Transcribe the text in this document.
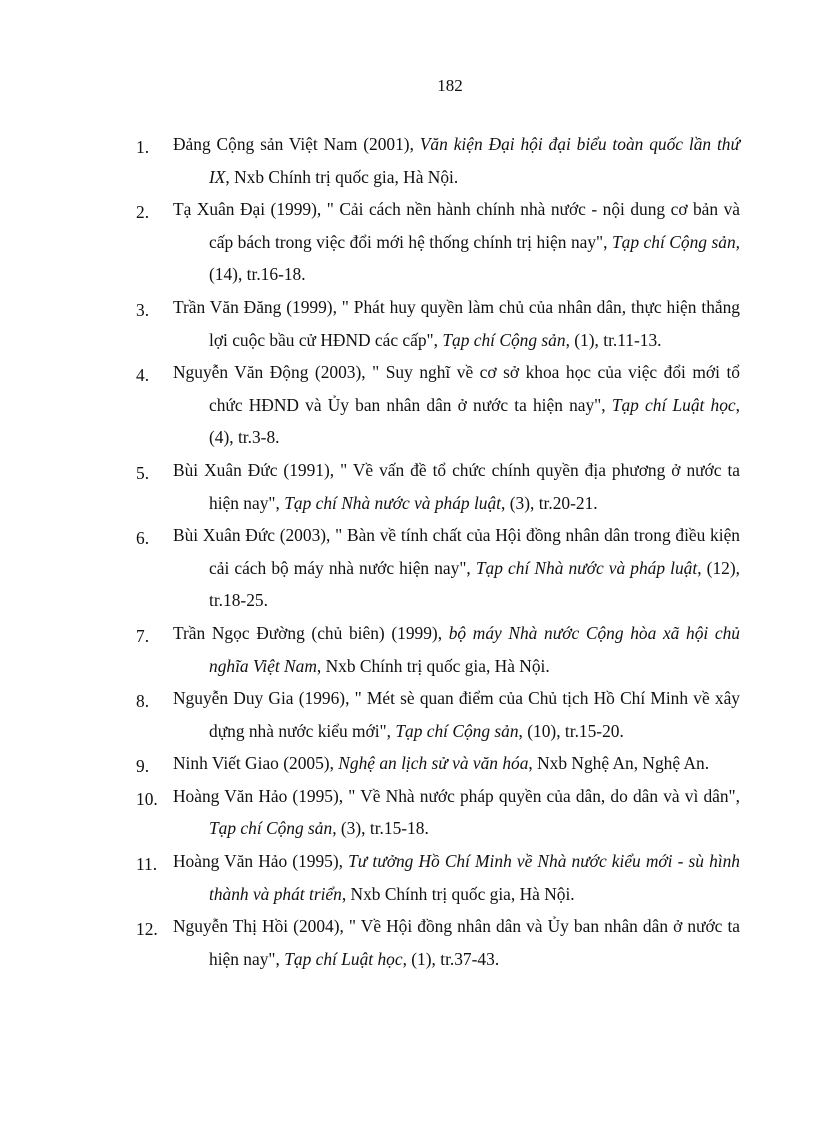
182
1. Đảng Cộng sản Việt Nam (2001), Văn kiện Đại hội đại biểu toàn quốc lần thứ IX, Nxb Chính trị quốc gia, Hà Nội.
2. Tạ Xuân Đại (1999), " Cải cách nền hành chính nhà nước - nội dung cơ bản và cấp bách trong việc đổi mới hệ thống chính trị hiện nay", Tạp chí Cộng sản, (14), tr.16-18.
3. Trần Văn Đăng (1999), " Phát huy quyền làm chủ của nhân dân, thực hiện thắng lợi cuộc bầu cử HĐND các cấp", Tạp chí Cộng sản, (1), tr.11-13.
4. Nguyễn Văn Động (2003), " Suy nghĩ về cơ sở khoa học của việc đổi mới tổ chức HĐND và Ủy ban nhân dân ở nước ta hiện nay", Tạp chí Luật học, (4), tr.3-8.
5. Bùi Xuân Đức (1991), " Về vấn đề tổ chức chính quyền địa phương ở nước ta hiện nay", Tạp chí Nhà nước và pháp luật, (3), tr.20-21.
6. Bùi Xuân Đức (2003), " Bàn về tính chất của Hội đồng nhân dân trong điều kiện cải cách bộ máy nhà nước hiện nay", Tạp chí Nhà nước và pháp luật, (12), tr.18-25.
7. Trần Ngọc Đường (chủ biên) (1999), bộ máy Nhà nước Cộng hòa xã hội chủ nghĩa Việt Nam, Nxb Chính trị quốc gia, Hà Nội.
8. Nguyễn Duy Gia (1996), " Mét sè quan điểm của Chủ tịch Hồ Chí Minh về xây dựng nhà nước kiểu mới", Tạp chí Cộng sản, (10), tr.15-20.
9. Ninh Viết Giao (2005), Nghệ an lịch sử và văn hóa, Nxb Nghệ An, Nghệ An.
10. Hoàng Văn Hảo (1995), " Về Nhà nước pháp quyền của dân, do dân và vì dân", Tạp chí Cộng sản, (3), tr.15-18.
11. Hoàng Văn Hảo (1995), Tư tưởng Hồ Chí Minh về Nhà nước kiểu mới - sù hình thành và phát triển, Nxb Chính trị quốc gia, Hà Nội.
12. Nguyễn Thị Hồi (2004), " Về Hội đồng nhân dân và Ủy ban nhân dân ở nước ta hiện nay", Tạp chí Luật học, (1), tr.37-43.
